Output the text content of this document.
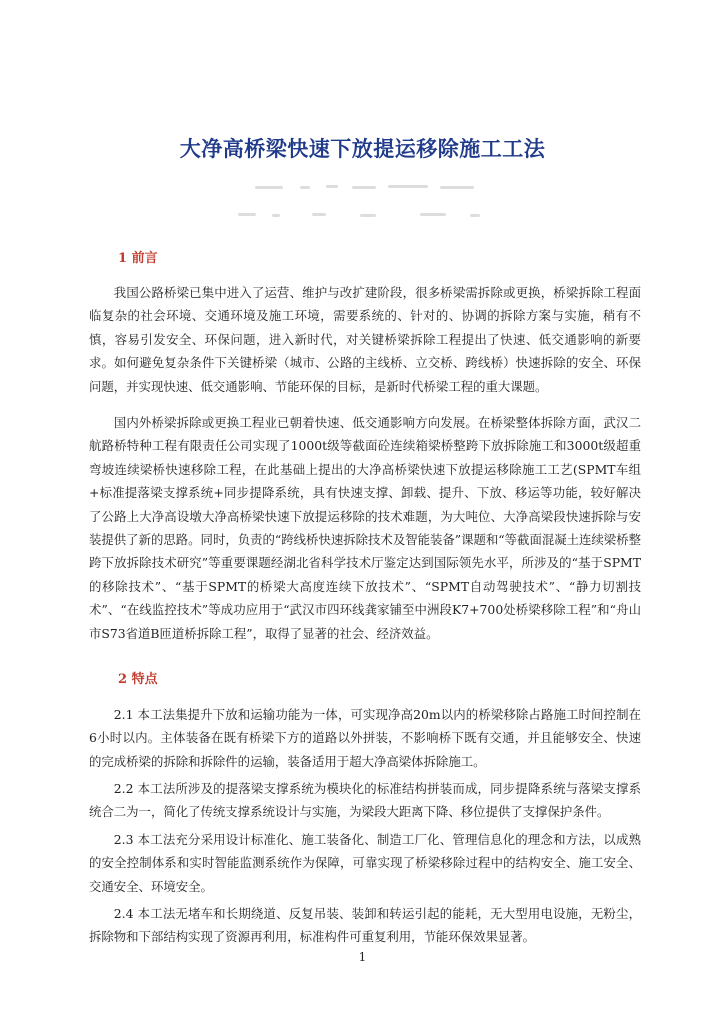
大净高桥梁快速下放提运移除施工工法
1 前言

我国公路桥梁已集中进入了运营、维护与改扩建阶段，很多桥梁需拆除或更换，桥梁拆除工程面临复杂的社会环境、交通环境及施工环境，需要系统的、针对的、协调的拆除方案与实施，稍有不慎，容易引发安全、环保问题，进入新时代，对关键桥梁拆除工程提出了快速、低交通影响的新要求。如何避免复杂条件下关键桥梁（城市、公路的主线桥、立交桥、跨线桥）快速拆除的安全、环保问题，并实现快速、低交通影响、节能环保的目标，是新时代桥梁工程的重大课题。

国内外桥梁拆除或更换工程业已朝着快速、低交通影响方向发展。在桥梁整体拆除方面，武汉二航路桥特种工程有限责任公司实现了1000t级等截面砼连续箱梁桥整跨下放拆除施工和3000t级超重弯坡连续梁桥快速移除工程，在此基础上提出的大净高桥梁快速下放提运移除施工工艺(SPMT车组+标准提落梁支撑系统+同步提降系统，具有快速支撑、卸载、提升、下放、移运等功能，较好解决了公路上大净高设墩大净高桥梁快速下放提运移除的技术难题，为大吨位、大净高梁段快速拆除与安装提供了新的思路。同时，负责的“跨线桥快速拆除技术及智能装备”课题和“等截面混凝土连续梁桥整跨下放拆除技术研究”等重要课题经湖北省科学技术厅鉴定达到国际领先水平，所涉及的“基于SPMT的移除技术”、“基于SPMT的桥梁大高度连续下放技术”、“SPMT自动驾驶技术”、“静力切割技术”、“在线监控技术”等成功应用于“武汉市四环线龚家铺至中洲段K7+700处桥梁移除工程”和“舟山市S73省道B匝道桥拆除工程”，取得了显著的社会、经济效益。

2 特点

2.1 本工法集提升下放和运输功能为一体，可实现净高20m以内的桥梁移除占路施工时间控制在6小时以内。主体装备在既有桥梁下方的道路以外拼装，不影响桥下既有交通，并且能够安全、快速的完成桥梁的拆除和拆除件的运输，装备适用于超大净高梁体拆除施工。

2.2 本工法所涉及的提落梁支撑系统为模块化的标准结构拼装而成，同步提降系统与落梁支撑系统合二为一，简化了传统支撑系统设计与实施，为梁段大距离下降、移位提供了支撑保护条件。

2.3 本工法充分采用设计标准化、施工装备化、制造工厂化、管理信息化的理念和方法，以成熟的安全控制体系和实时智能监测系统作为保障，可靠实现了桥梁移除过程中的结构安全、施工安全、交通安全、环境安全。

2.4 本工法无堵车和长期绕道、反复吊装、装卸和转运引起的能耗，无大型用电设施，无粉尘，拆除物和下部结构实现了资源再利用，标准构件可重复利用，节能环保效果显著。

1
